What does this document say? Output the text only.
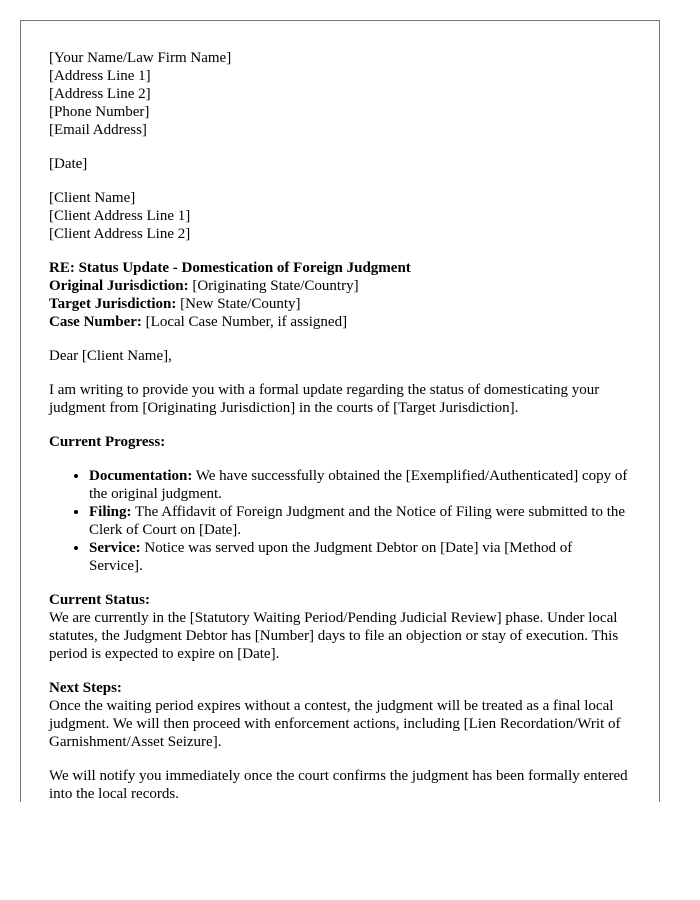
[Your Name/Law Firm Name]
[Address Line 1]
[Address Line 2]
[Phone Number]
[Email Address]
[Date]
[Client Name]
[Client Address Line 1]
[Client Address Line 2]
RE: Status Update - Domestication of Foreign Judgment
Original Jurisdiction: [Originating State/Country]
Target Jurisdiction: [New State/County]
Case Number: [Local Case Number, if assigned]

Dear [Client Name],

I am writing to provide you with a formal update regarding the status of domesticating your judgment from [Originating Jurisdiction] in the courts of [Target Jurisdiction].

Current Progress:

• Documentation: We have successfully obtained the [Exemplified/Authenticated] copy of the original judgment.
• Filing: The Affidavit of Foreign Judgment and the Notice of Filing were submitted to the Clerk of Court on [Date].
• Service: Notice was served upon the Judgment Debtor on [Date] via [Method of Service].
Current Status:

We are currently in the [Statutory Waiting Period/Pending Judicial Review] phase. Under local statutes, the Judgment Debtor has [Number] days to file an objection or stay of execution. This period is expected to expire on [Date].

Next Steps:

Once the waiting period expires without a contest, the judgment will be treated as a final local judgment. We will then proceed with enforcement actions, including [Lien Recordation/Writ of Garnishment/Asset Seizure].

We will notify you immediately once the court confirms the judgment has been formally entered into the local records.
